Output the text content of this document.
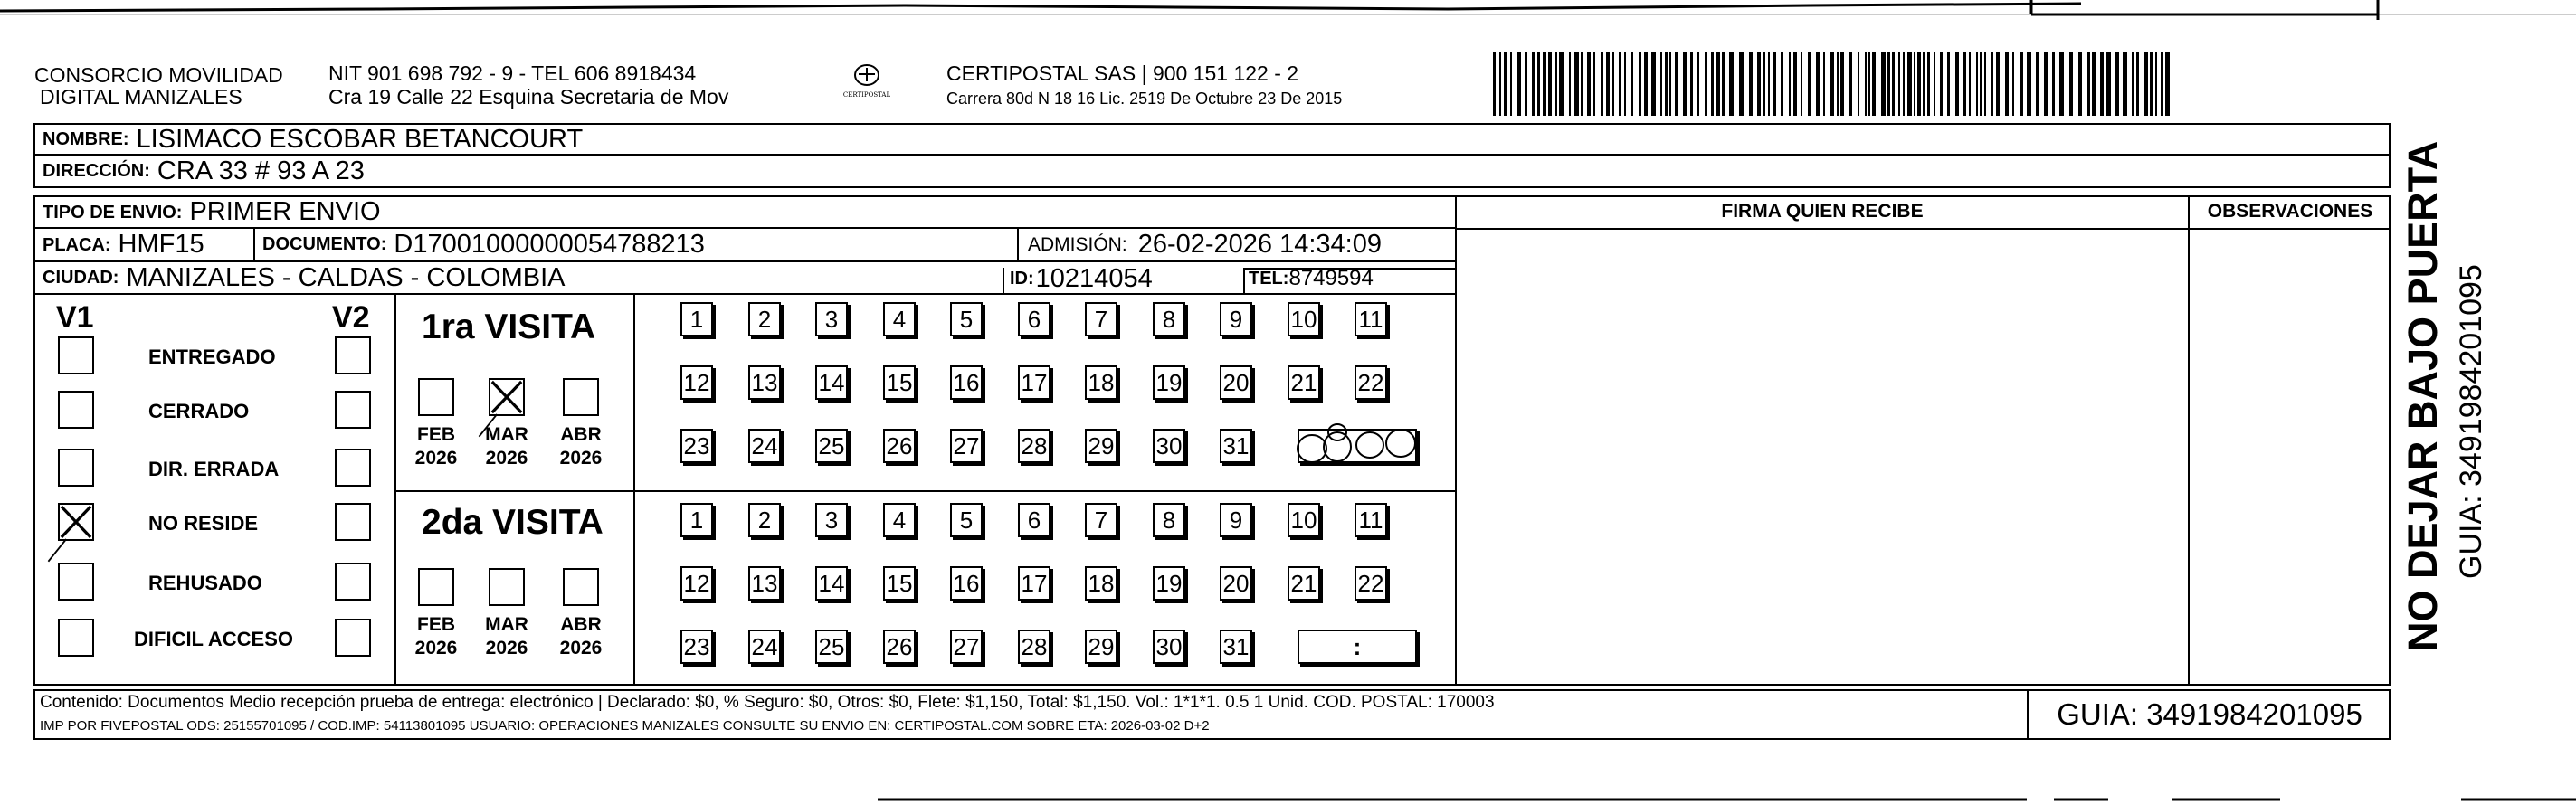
CONSORCIO MOVILIDAD
DIGITAL MANIZALES
NIT 901 698 792 - 9 - TEL 606 8918434
Cra 19 Calle 22 Esquina Secretaria de Mov	CERTIPOSTAL
CERTIPOSTAL SAS | 900 151 122 - 2
Carrera 80d N 18 16 Lic. 2519 De Octubre 23 De 2015
NOMBRE: LISIMACO ESCOBAR BETANCOURT
DIRECCIÓN: CRA 33 # 93 A 23
TIPO DE ENVIO: PRIMER ENVIO
PLACA: HMF15	DOCUMENTO: D17001000000054788213	ADMISIÓN: 26-02-2026 14:34:09
CIUDAD: MANIZALES - CALDAS - COLOMBIA	ID: 10214054	TEL: 8749594
FIRMA QUIEN RECIBE	OBSERVACIONES
V1	V2
ENTREGADO
CERRADO
DIR. ERRADA
NO RESIDE
REHUSADO
DIFICIL ACCESO
1ra VISITA
FEB
2026
MAR
2026
ABR
2026
1	2	3	4	5	6	7	8	9	10 11
12 13 14 15 16 17 18 19 20 21 22
23 24 25 26 27 28 29 30 31
2da VISITA
FEB
2026
MAR
2026
ABR
2026
1	2	3	4	5	6	7	8	9	10 11
12 13 14 15 16 17 18 19 20 21 22
23 24 25 26 27 28 29 30 31	:
Contenido: Documentos Medio recepción prueba de entrega: electrónico | Declarado: $0, % Seguro: $0, Otros: $0, Flete: $1,150, Total: $1,150. Vol.: 1*1*1. 0.5 1 Unid. COD. POSTAL: 170003
IMP POR FIVEPOSTAL ODS: 25155701095 / COD.IMP: 54113801095 USUARIO: OPERACIONES MANIZALES CONSULTE SU ENVIO EN: CERTIPOSTAL.COM SOBRE ETA: 2026-03-02 D+2	GUIA: 3491984201095
NO DEJAR BAJO PUERTA GUIA: 3491984201095
